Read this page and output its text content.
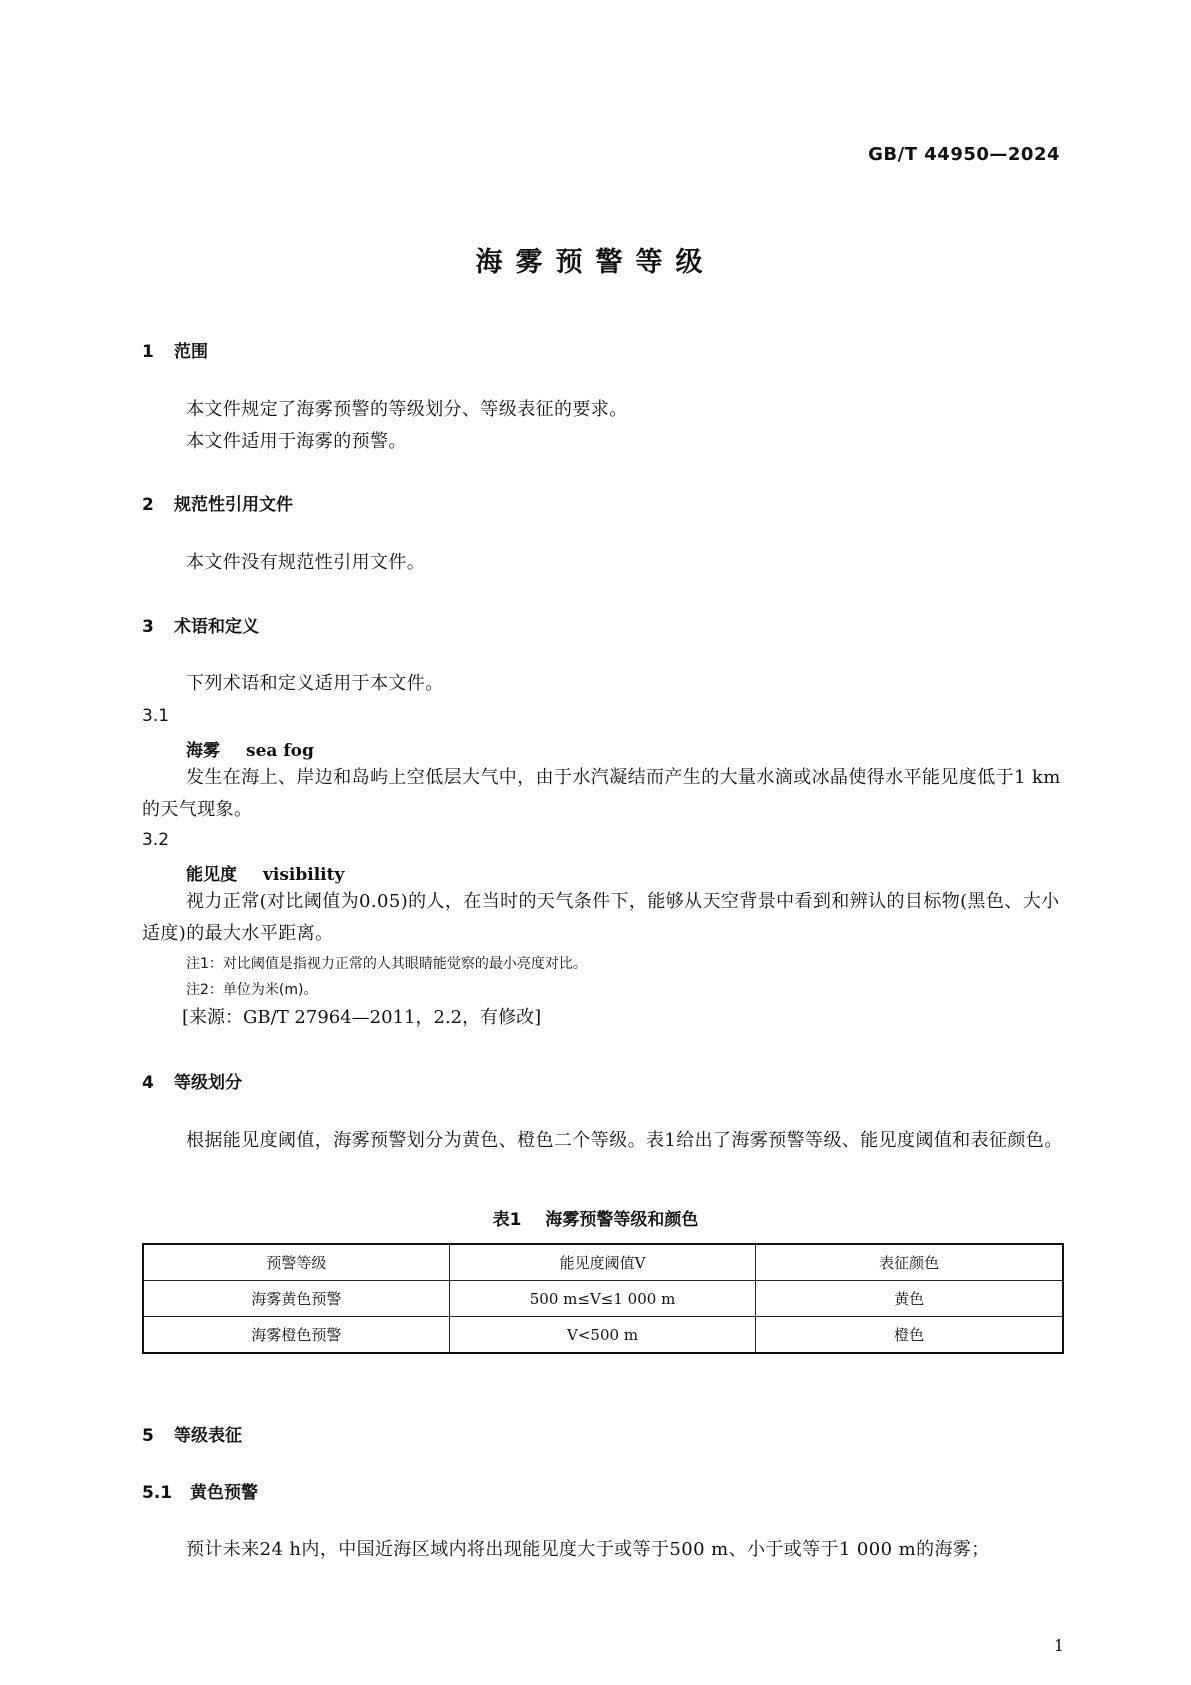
GB/T 44950—2024
海雾预警等级
1 范围
本文件规定了海雾预警的等级划分、等级表征的要求。
本文件适用于海雾的预警。
2 规范性引用文件
本文件没有规范性引用文件。
3 术语和定义
下列术语和定义适用于本文件。
3.1
海雾 sea fog
发生在海上、岸边和岛屿上空低层大气中，由于水汽凝结而产生的大量水滴或冰晶使得水平能见度低于1 km的天气现象。
3.2
能见度 visibility
视力正常(对比阈值为0.05)的人，在当时的天气条件下，能够从天空背景中看到和辨认的目标物(黑色、大小适度)的最大水平距离。
注1：对比阈值是指视力正常的人其眼睛能觉察的最小亮度对比。
注2：单位为米(m)。
[来源：GB/T 27964—2011，2.2，有修改]
4 等级划分
根据能见度阈值，海雾预警划分为黄色、橙色二个等级。表1给出了海雾预警等级、能见度阈值和表征颜色。
表1 海雾预警等级和颜色
预警等级	能见度阈值V	表征颜色
海雾黄色预警	500 m≤V≤1 000 m	黄色
海雾橙色预警	V<500 m	橙色
5 等级表征
5.1 黄色预警
预计未来24 h内，中国近海区域内将出现能见度大于或等于500 m、小于或等于1 000 m的海雾；
1
